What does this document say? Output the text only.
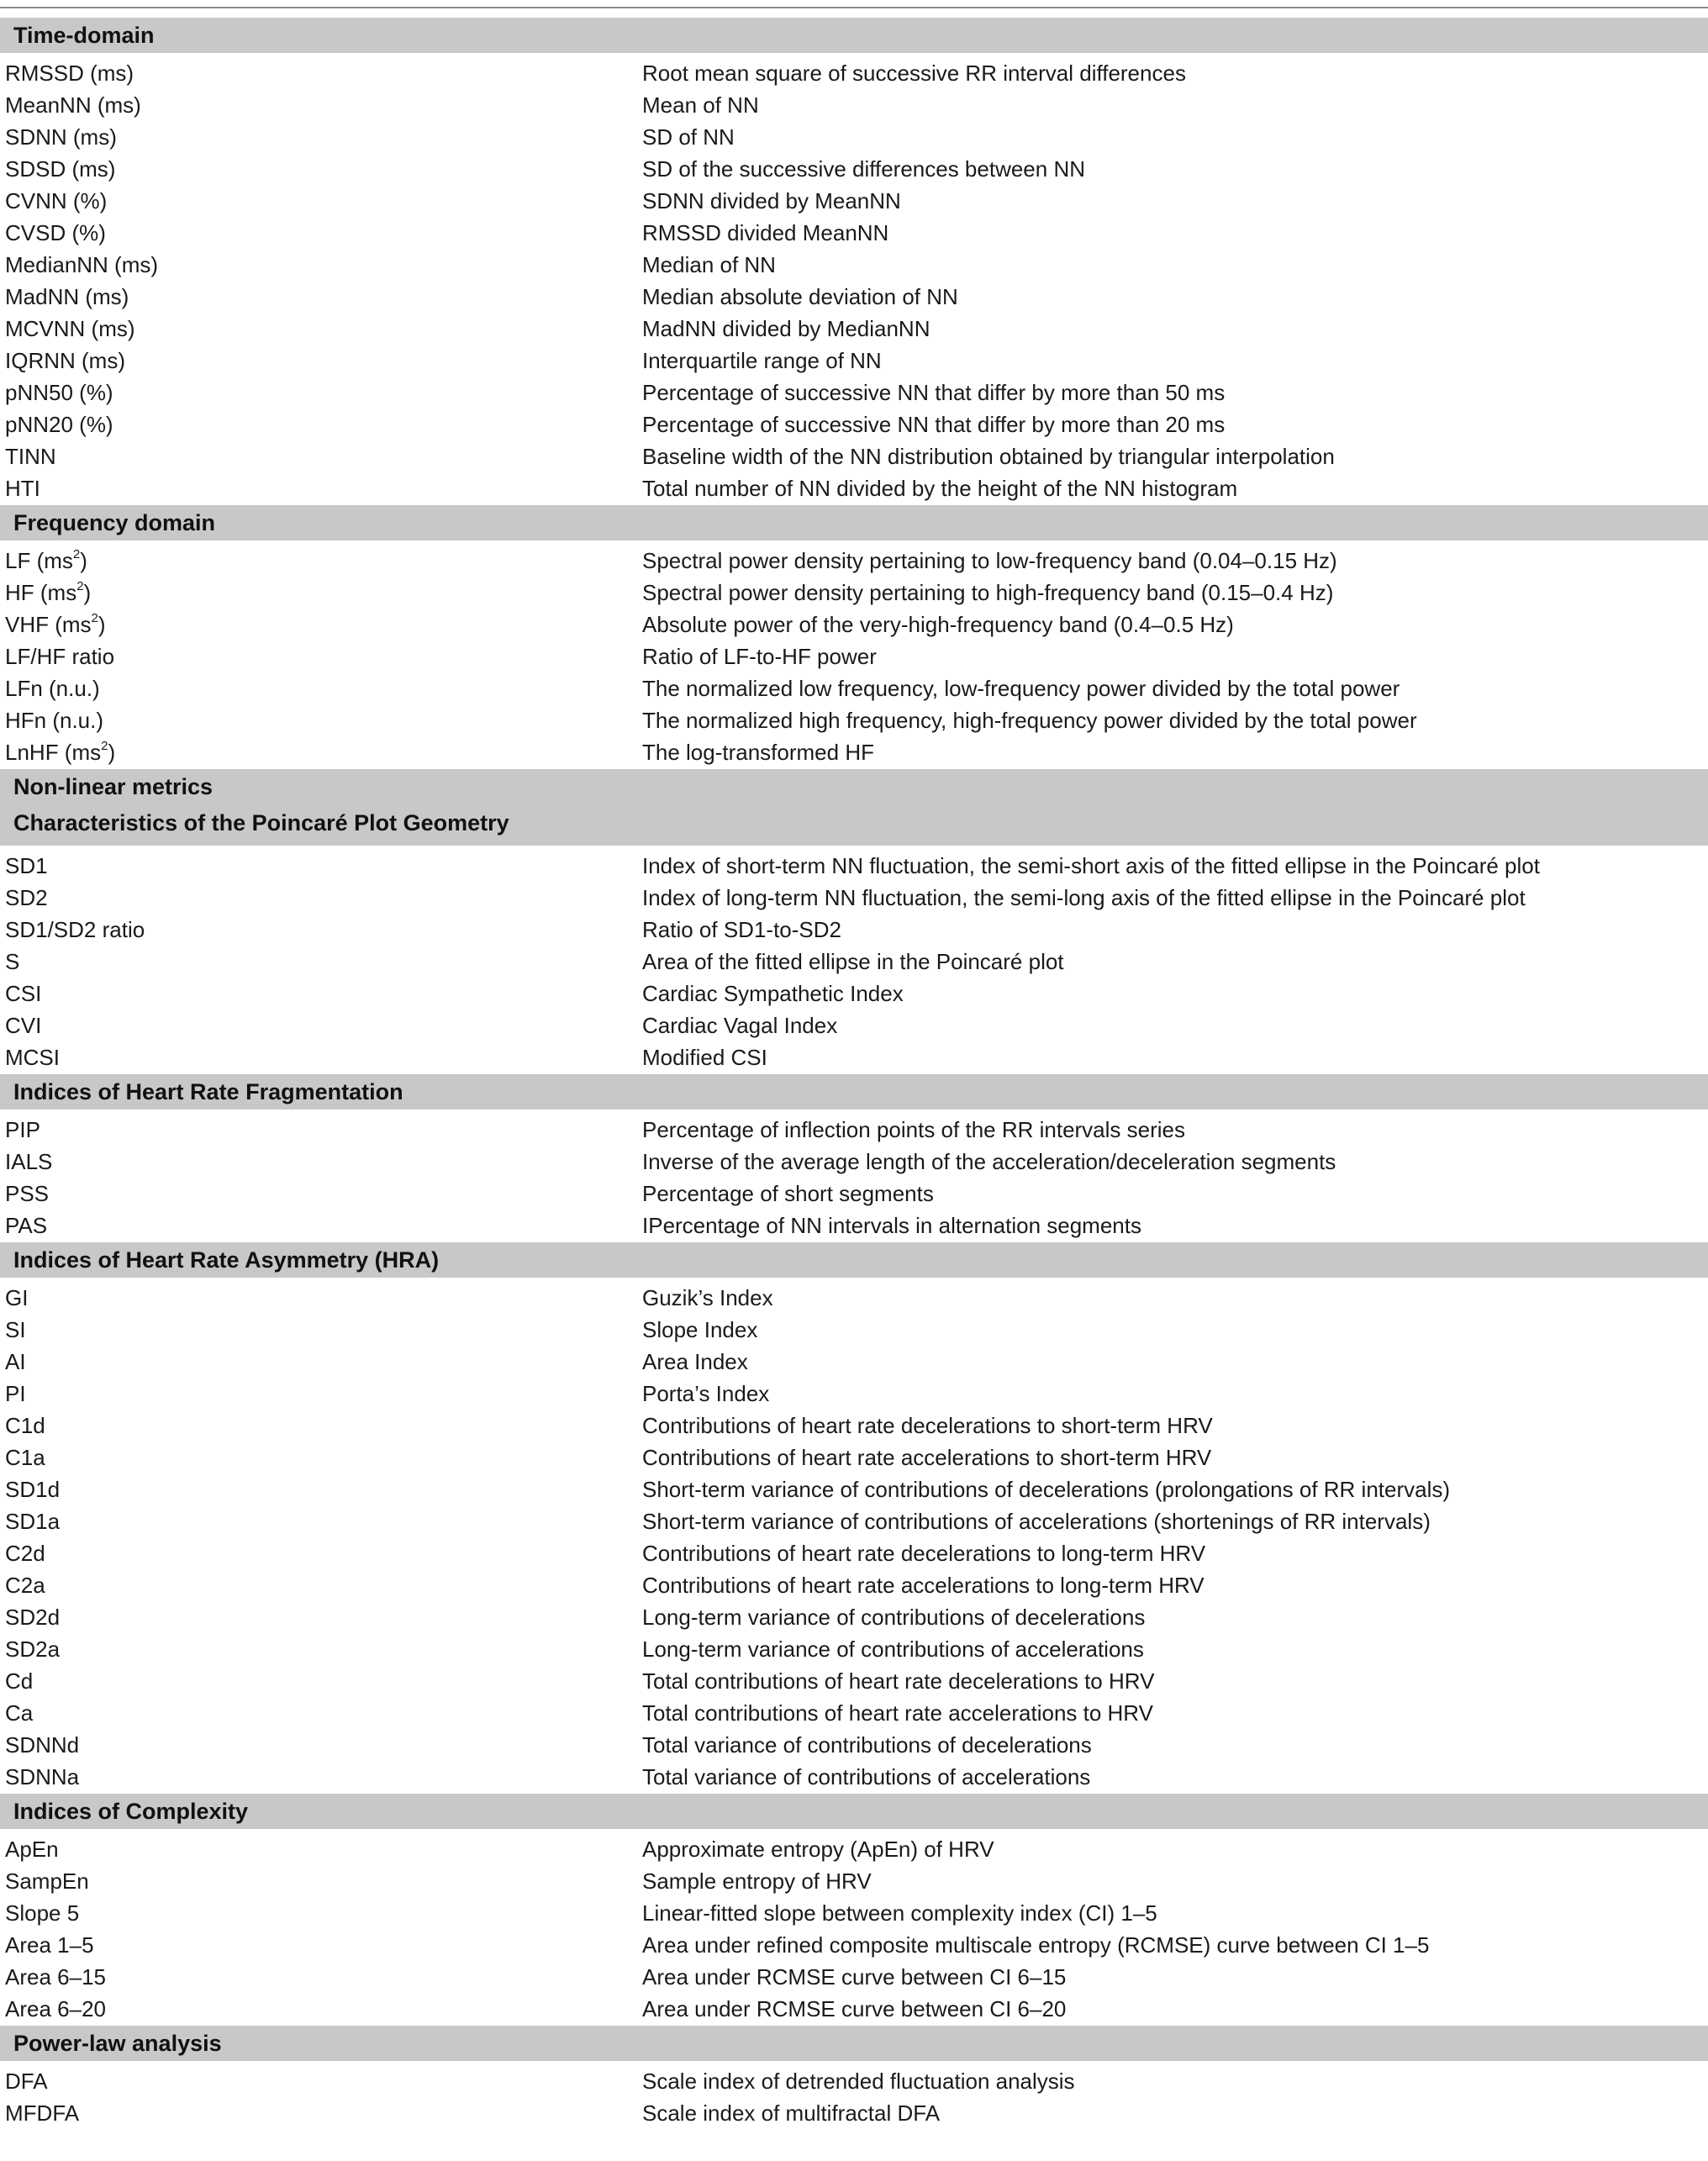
Time-domain
RMSSD (ms)	Root mean square of successive RR interval differences
MeanNN (ms)	Mean of NN
SDNN (ms)	SD of NN
SDSD (ms)	SD of the successive differences between NN
CVNN (%)	SDNN divided by MeanNN
CVSD (%)	RMSSD divided MeanNN
MedianNN (ms)	Median of NN
MadNN (ms)	Median absolute deviation of NN
MCVNN (ms)	MadNN divided by MedianNN
IQRNN (ms)	Interquartile range of NN
pNN50 (%)	Percentage of successive NN that differ by more than 50 ms
pNN20 (%)	Percentage of successive NN that differ by more than 20 ms
TINN	Baseline width of the NN distribution obtained by triangular interpolation
HTI	Total number of NN divided by the height of the NN histogram
Frequency domain
LF $(ms^2)$	Spectral power density pertaining to low-frequency band (0.04–0.15 Hz)
HF $(ms^2)$	Spectral power density pertaining to high-frequency band (0.15–0.4 Hz)
VHF $(ms^2)$	Absolute power of the very-high-frequency band (0.4–0.5 Hz)
LF/HF ratio	Ratio of LF-to-HF power
LFn (n.u.)	The normalized low frequency, low-frequency power divided by the total power
HFn (n.u.)	The normalized high frequency, high-frequency power divided by the total power
LnHF $(ms^2)$	The log-transformed HF
Non-linear metrics
Characteristics of the Poincaré Plot Geometry
SD1	Index of short-term NN fluctuation, the semi-short axis of the fitted ellipse in the Poincaré plot
SD2	Index of long-term NN fluctuation, the semi-long axis of the fitted ellipse in the Poincaré plot
SD1/SD2 ratio	Ratio of SD1-to-SD2
S	Area of the fitted ellipse in the Poincaré plot
CSI	Cardiac Sympathetic Index
CVI	Cardiac Vagal Index
MCSI	Modified CSI
Indices of Heart Rate Fragmentation
PIP	Percentage of inflection points of the RR intervals series
IALS	Inverse of the average length of the acceleration/deceleration segments
PSS	Percentage of short segments
PAS	IPercentage of NN intervals in alternation segments
Indices of Heart Rate Asymmetry (HRA)
GI	Guzik’s Index
SI	Slope Index
AI	Area Index
PI	Porta’s Index
C1d	Contributions of heart rate decelerations to short-term HRV
C1a	Contributions of heart rate accelerations to short-term HRV
SD1d	Short-term variance of contributions of decelerations (prolongations of RR intervals)
SD1a	Short-term variance of contributions of accelerations (shortenings of RR intervals)
C2d	Contributions of heart rate decelerations to long-term HRV
C2a	Contributions of heart rate accelerations to long-term HRV
SD2d	Long-term variance of contributions of decelerations
SD2a	Long-term variance of contributions of accelerations
Cd	Total contributions of heart rate decelerations to HRV
Ca	Total contributions of heart rate accelerations to HRV
SDNNd	Total variance of contributions of decelerations
SDNNa	Total variance of contributions of accelerations
Indices of Complexity
ApEn	Approximate entropy (ApEn) of HRV
SampEn	Sample entropy of HRV
Slope 5	Linear-fitted slope between complexity index (CI) 1–5
Area 1–5	Area under refined composite multiscale entropy (RCMSE) curve between CI 1–5
Area 6–15	Area under RCMSE curve between CI 6–15
Area 6–20	Area under RCMSE curve between CI 6–20
Power-law analysis
DFA	Scale index of detrended fluctuation analysis
MFDFA	Scale index of multifractal DFA
